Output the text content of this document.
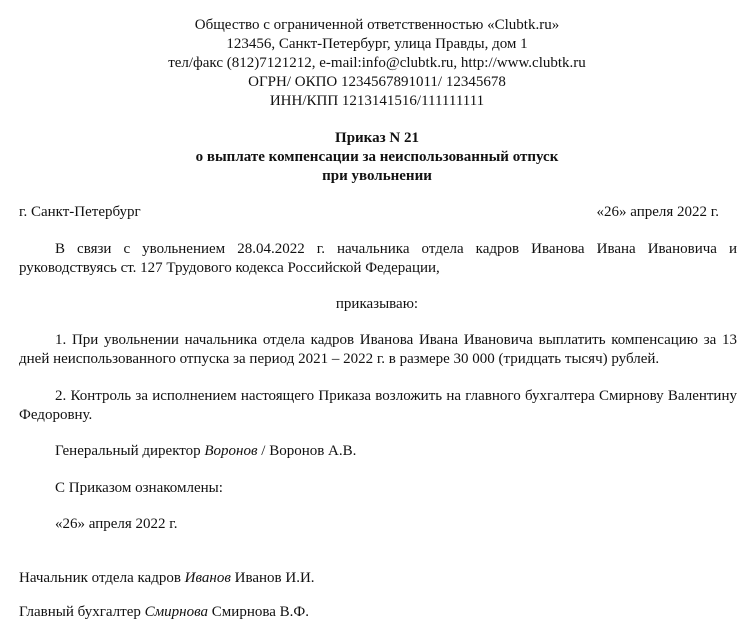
Общество с ограниченной ответственностью «Clubtk.ru»
123456, Санкт-Петербург, улица Правды, дом 1
тел/факс (812)7121212, e-mail:info@clubtk.ru, http://www.clubtk.ru
ОГРН/ ОКПО 1234567891011/ 12345678
ИНН/КПП 1213141516/111111111
Приказ N 21
о выплате компенсации за неиспользованный отпуск
при увольнении
г. Санкт-Петербург	«26» апреля 2022 г.
В связи с увольнением 28.04.2022 г. начальника отдела кадров Иванова Ивана Ивановича и руководствуясь ст. 127 Трудового кодекса Российской Федерации,
приказываю:
1. При увольнении начальника отдела кадров Иванова Ивана Ивановича выплатить компенсацию за 13 дней неиспользованного отпуска за период 2021 – 2022 г. в размере 30 000 (тридцать тысяч) рублей.
2. Контроль за исполнением настоящего Приказа возложить на главного бухгалтера Смирнову Валентину Федоровну.
Генеральный директор Воронов / Воронов А.В.
С Приказом ознакомлены:
«26» апреля 2022 г.
Начальник отдела кадров Иванов Иванов И.И.
Главный бухгалтер Смирнова Смирнова В.Ф.
